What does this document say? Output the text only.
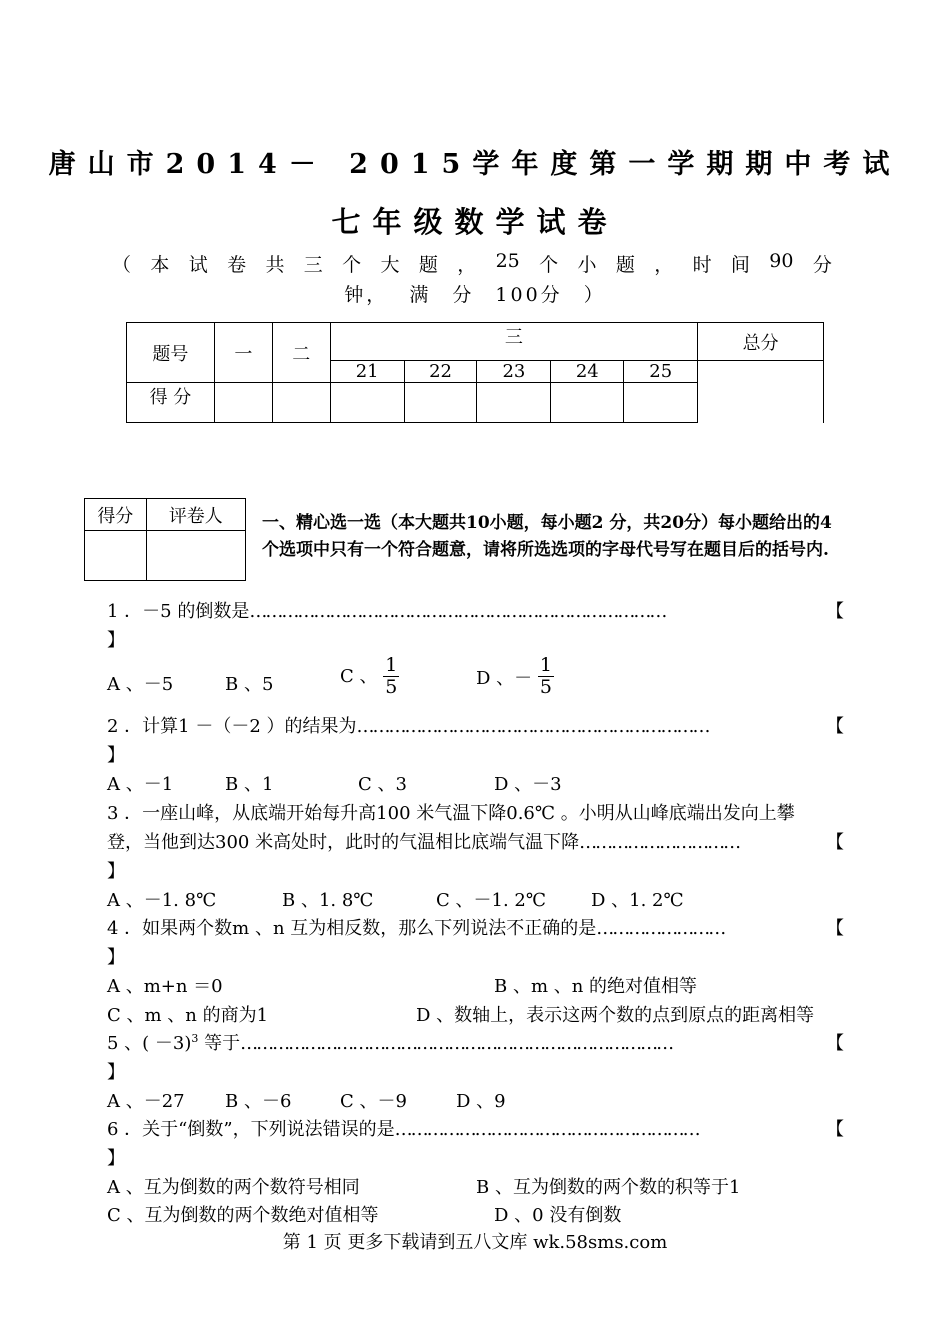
唐山市2014－ 2015学年度第一学期期中考试
七年级数学试卷
（ 本 试 卷 共 三 个 大 题 ， 25 个 小 题 ， 时 间 90 分
钟， 满 分 100分 ）
题号	一	二	三					总分
			21	22	23	24	25	
得 分								
得分	评卷人
	一、精心选一选（本大题共10小题，每小题2 分，共20分）每小题给出的4 个选项中只有一个符合题意，请将所选选项的字母代号写在题目后的括号内.
1 ．－5 的倒数是……………………………………………………………………	【
】
A 、－5	B 、5	C 、 $\frac{1}{5}$	D 、－ $\frac{1}{5}$
2 ．计算1 －（－2 ）的结果为…………………………………………………………	【
】
A 、－1	B 、1	C 、3	D 、－3
3 ．一座山峰，从底端开始每升高100 米气温下降0.6℃ 。小明从山峰底端出发向上攀
登，当他到达300 米高处时，此时的气温相比底端气温下降…………………………	【
】
A 、－1. 8℃	B 、1. 8℃	C 、－1. 2℃	D 、1. 2℃
4 ．如果两个数m 、n 互为相反数，那么下列说法不正确的是……………………	【
】
A 、m+n ＝0	B 、m 、n 的绝对值相等
C 、m 、n 的商为1	D 、数轴上，表示这两个数的点到原点的距离相等
5 、( －3)$^3$ 等于………………………………………………………………………	【
】
A 、－27 B 、－6	C 、－9	D 、9
6 ．关于“倒数”，下列说法错误的是…………………………………………………	【
】
A 、互为倒数的两个数符号相同	B 、互为倒数的两个数的积等于1
C 、互为倒数的两个数绝对值相等	D 、0 没有倒数
第 1 页 更多下载请到五八文库 wk.58sms.com
